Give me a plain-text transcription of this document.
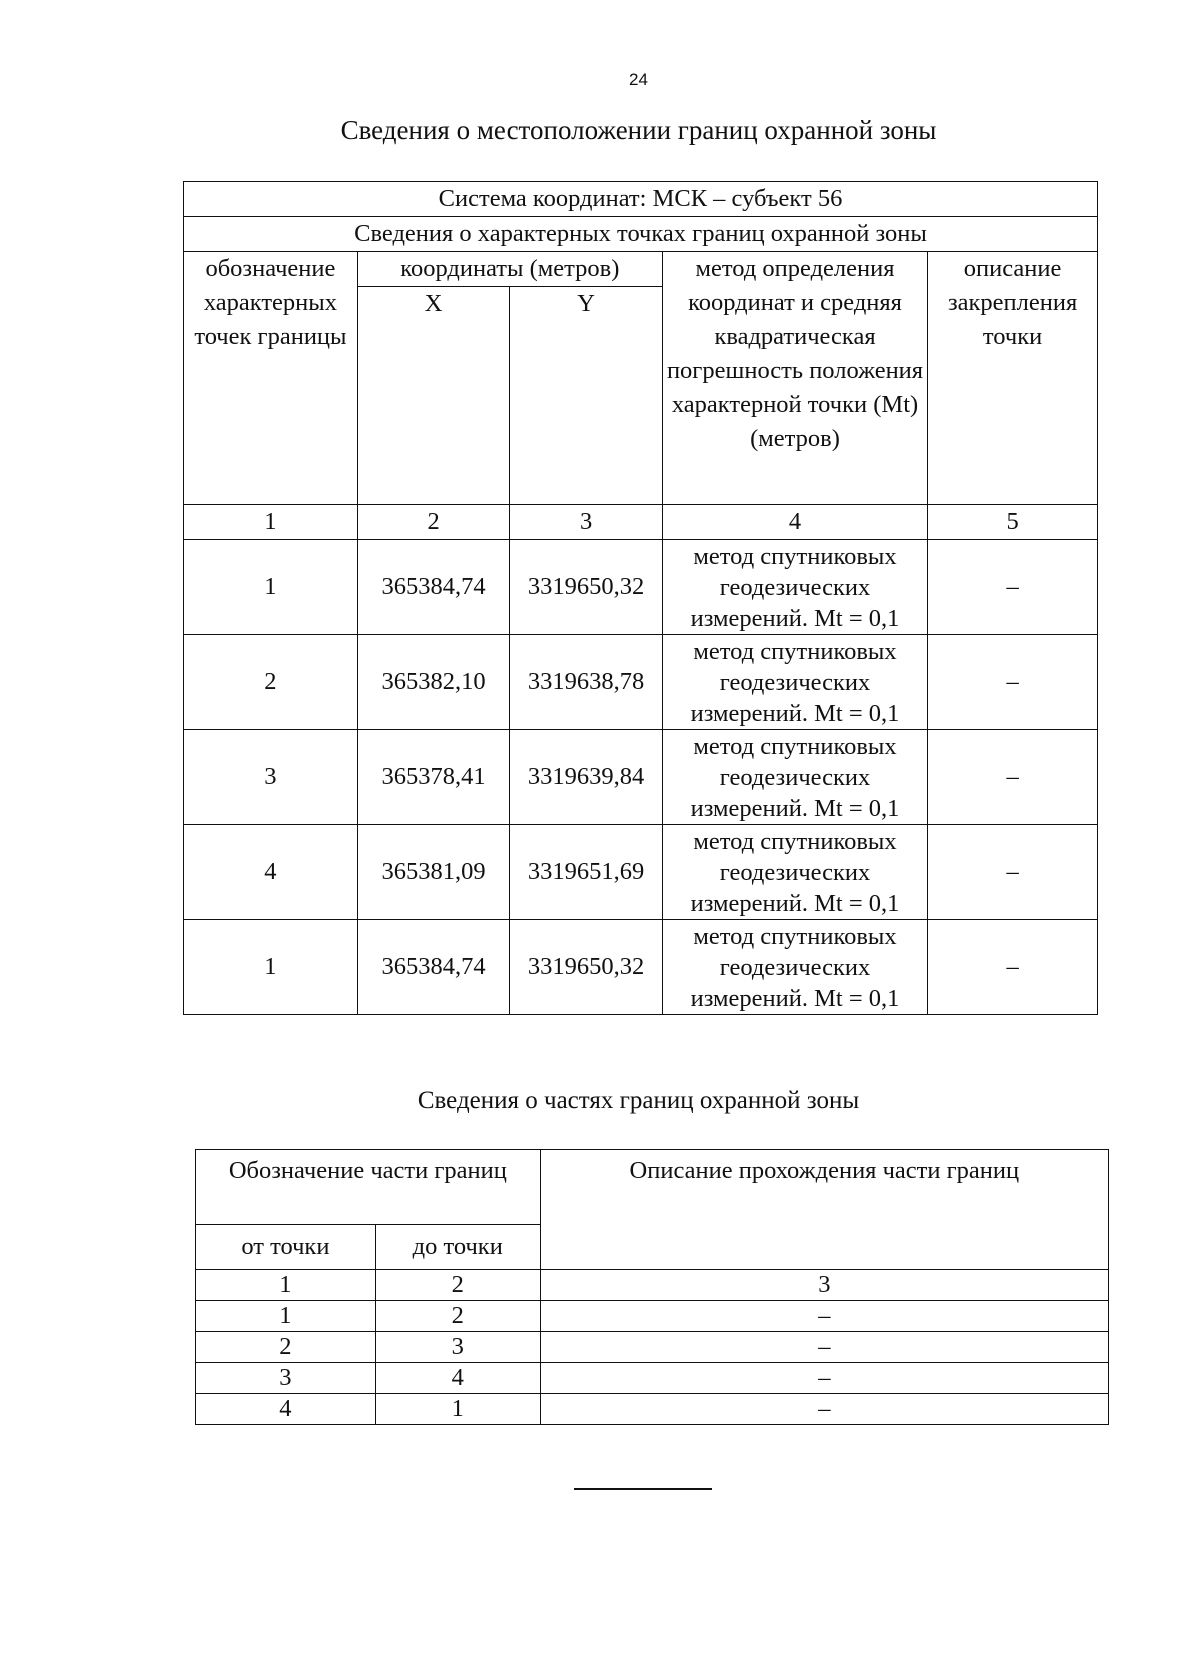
24
Сведения о местоположении границ охранной зоны
Система координат: МСК – субъект 56				
Сведения о характерных точках границ охранной зоны				
обозначение характерных точек границы	координаты (метров)		метод определения координат и средняя квадратическая погрешность положения характерной точки (Mt) (метров)	описание закрепления точки
	X	Y		
1	2	3	4	5
1	365384,74	3319650,32	метод спутниковых геодезических измерений. Mt = 0,1	–
2	365382,10	3319638,78	метод спутниковых геодезических измерений. Mt = 0,1	–
3	365378,41	3319639,84	метод спутниковых геодезических измерений. Mt = 0,1	–
4	365381,09	3319651,69	метод спутниковых геодезических измерений. Mt = 0,1	–
1	365384,74	3319650,32	метод спутниковых геодезических измерений. Mt = 0,1	–
Сведения о частях границ охранной зоны
Обозначение части границ		Описание прохождения части границ
от точки	до точки	
1	2	3
1	2	–
2	3	–
3	4	–
4	1	–
